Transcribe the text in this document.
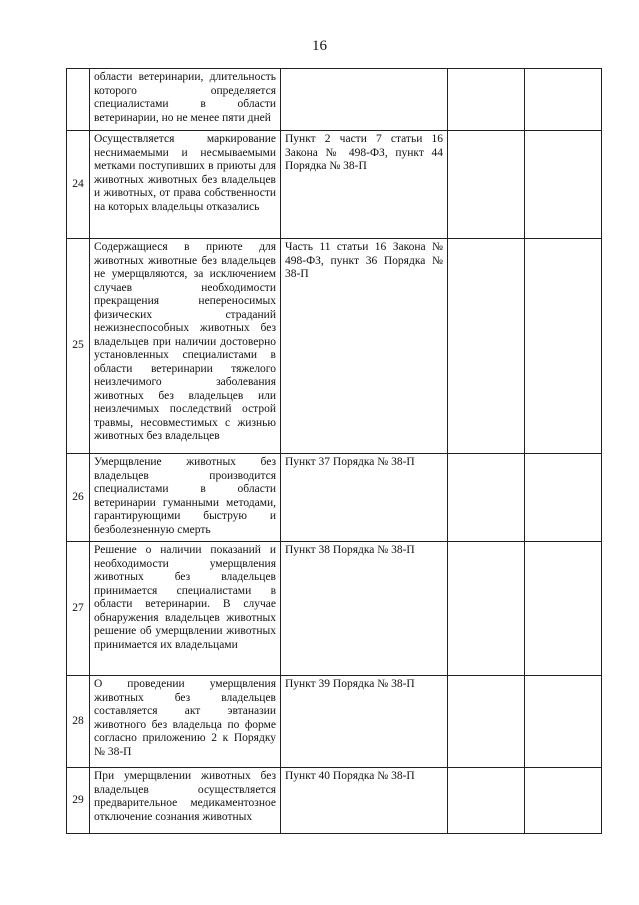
16
	области ветеринарии, длительность которого определяется специалистами в области ветеринарии, но не менее пяти дней			
24	Осуществляется маркирование неснимаемыми и несмываемыми метками поступивших в приюты для животных животных без владельцев и животных, от права собственности на которых владельцы отказались	Пункт 2 части 7 статьи 16 Закона № 498-ФЗ, пункт 44 Порядка № 38-П		
25	Содержащиеся в приюте для животных животные без владельцев не умерщвляются, за исключением случаев необходимости прекращения непереносимых физических страданий нежизнеспособных животных без владельцев при наличии достоверно установленных специалистами в области ветеринарии тяжелого неизлечимого заболевания животных без владельцев или неизлечимых последствий острой травмы, несовместимых с жизнью животных без владельцев	Часть 11 статьи 16 Закона № 498-ФЗ, пункт 36 Порядка № 38-П		
26	Умерщвление животных без владельцев производится специалистами в области ветеринарии гуманными методами, гарантирующими быструю и безболезненную смерть	Пункт 37 Порядка № 38-П		
27	Решение о наличии показаний и необходимости умерщвления животных без владельцев принимается специалистами в области ветеринарии. В случае обнаружения владельцев животных решение об умерщвлении животных принимается их владельцами	Пункт 38 Порядка № 38-П		
28	О проведении умерщвления животных без владельцев составляется акт эвтаназии животного без владельца по форме согласно приложению 2 к Порядку № 38-П	Пункт 39 Порядка № 38-П		
29	При умерщвлении животных без владельцев осуществляется предварительное медикаментозное отключение сознания животных	Пункт 40 Порядка № 38-П		
